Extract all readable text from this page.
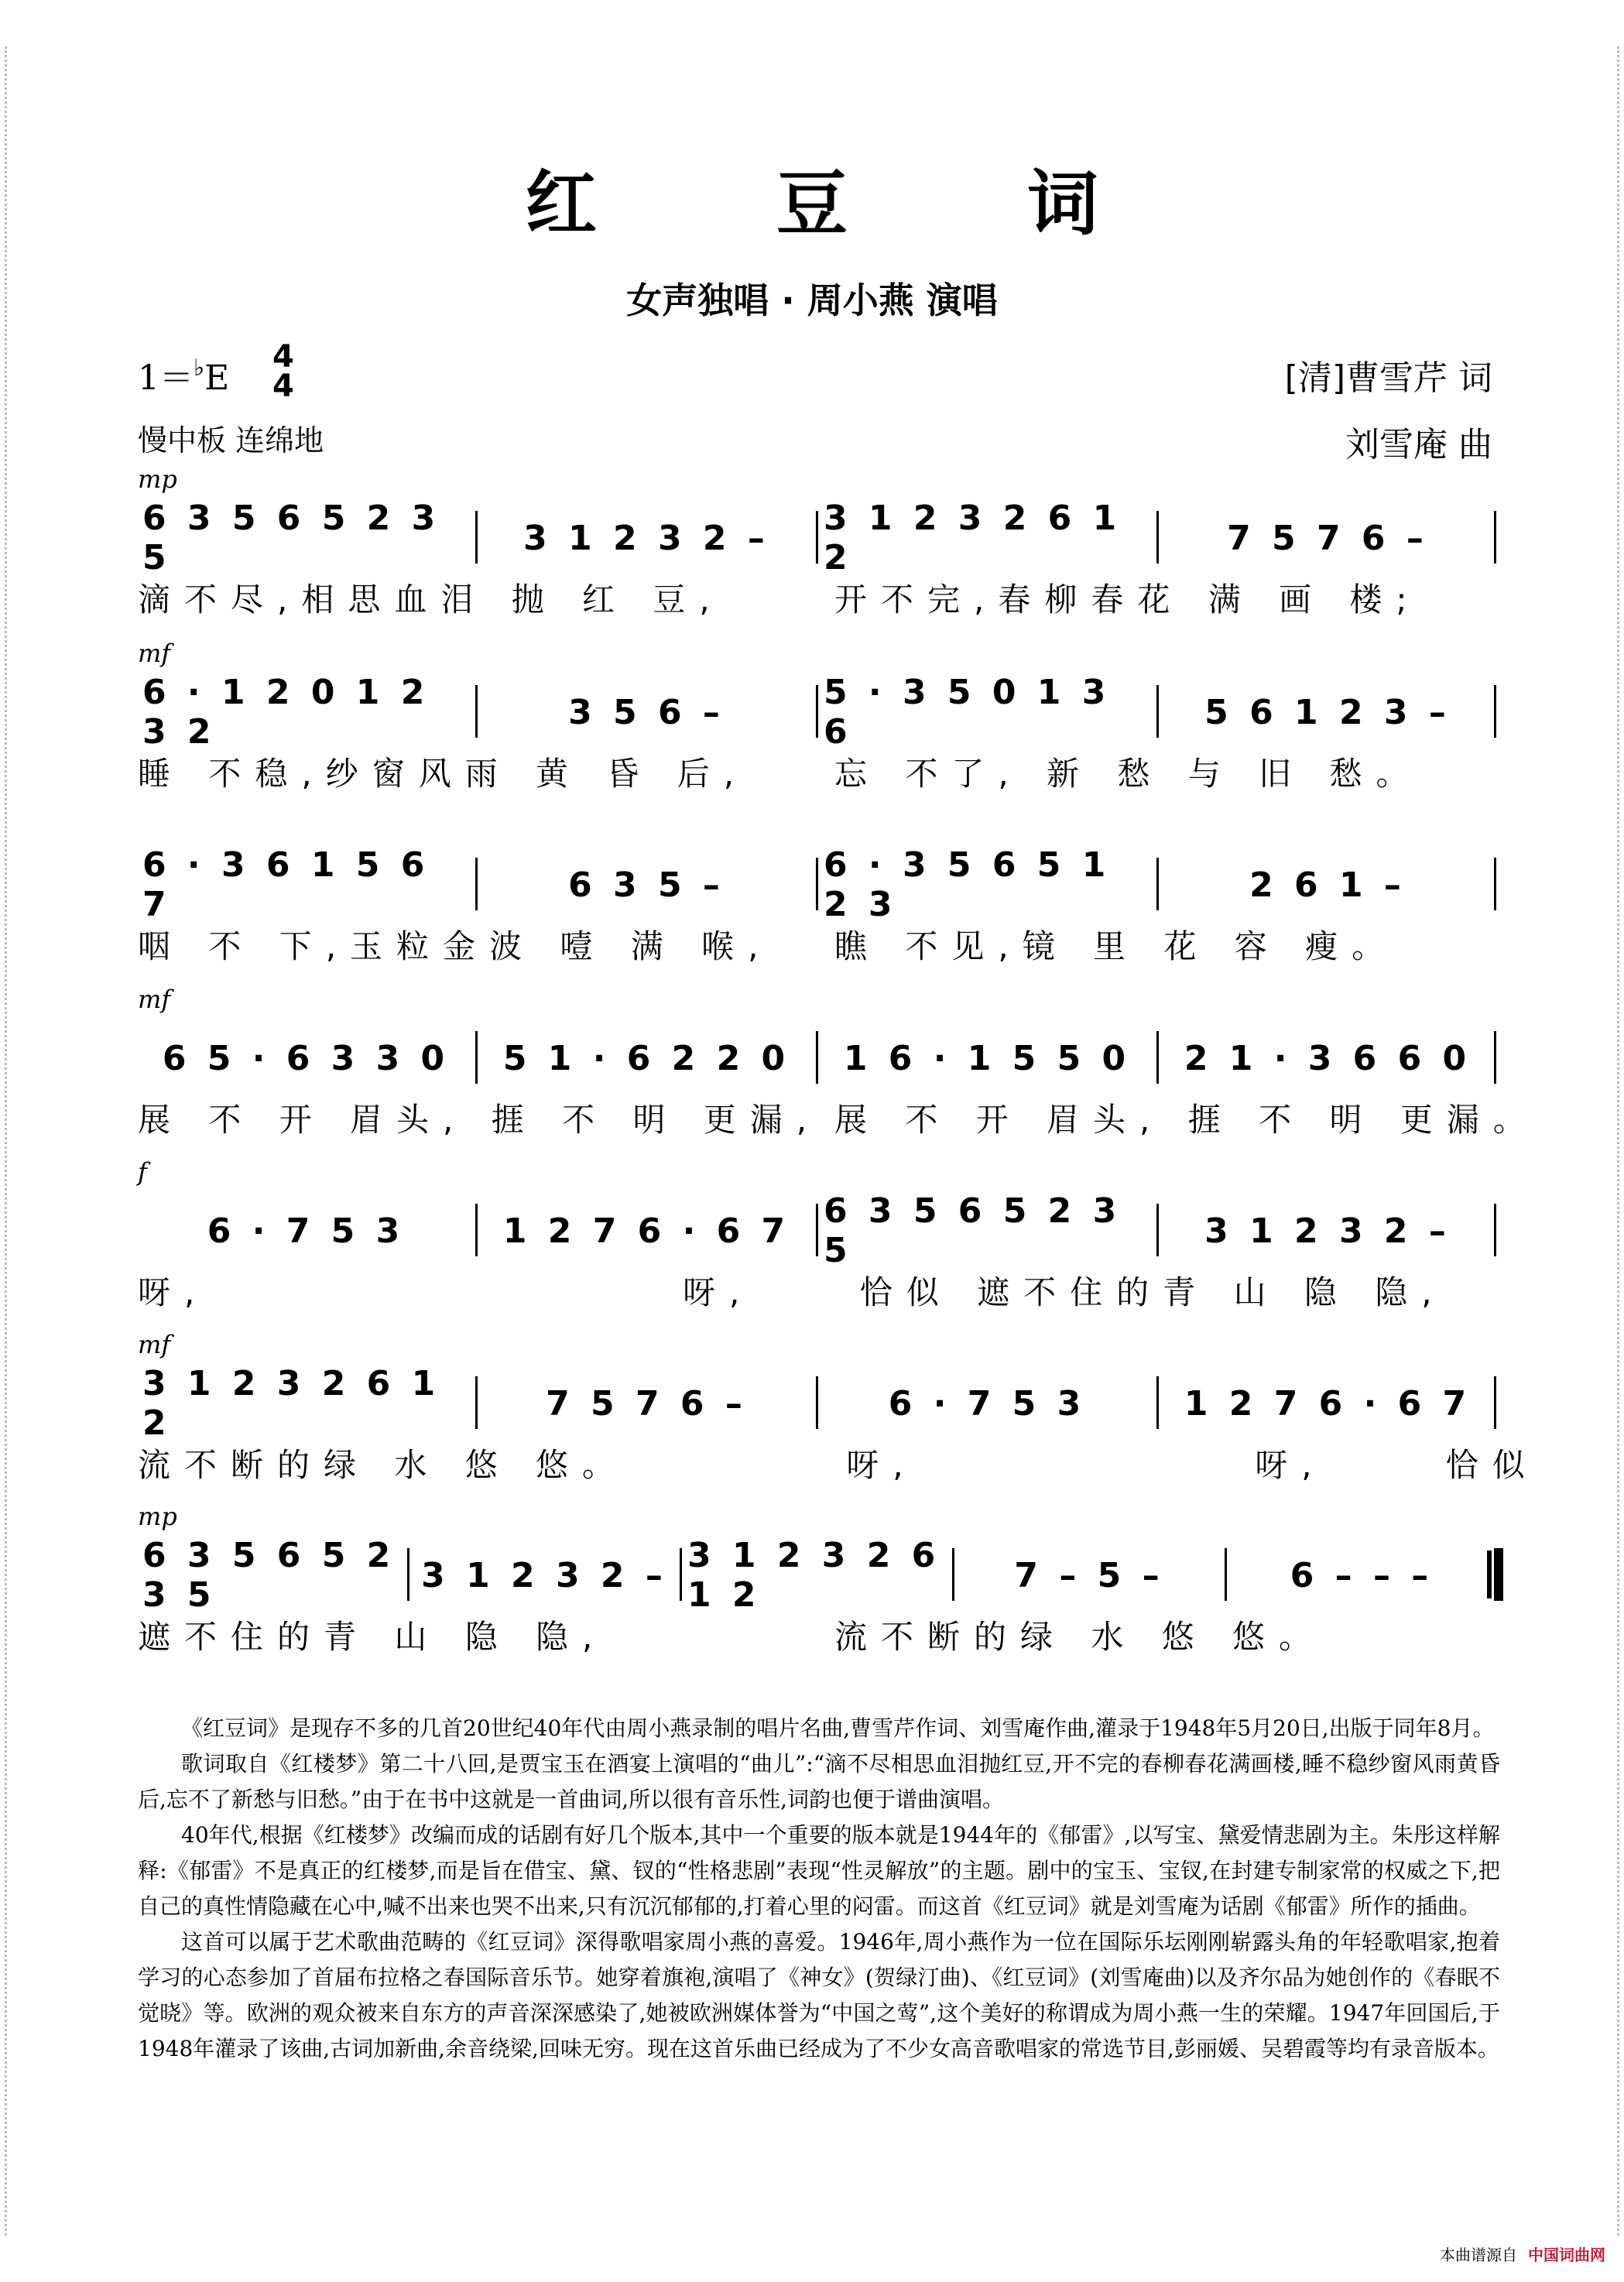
红 豆 词
女声独唱 · 周小燕 演唱
1＝♭E
4
4
慢中板 连绵地
[清]曹雪芹 词
刘雪庵 曲
mp
6 3 5 6 5 2 3 5	3 1 2 3 2 –	3 1 2 3 2 6 1 2	7 5 7 6 –
滴不尽,相思血泪 抛 红 豆,	开不完,春柳春花 满 画 楼;
mf
6 · 1 2 0 1 2 3 2	3 5 6 –	5 · 3 5 0 1 3 6	5 6 1 2 3 –
睡 不稳,纱窗风雨 黄 昏 后,	忘 不了, 新 愁 与 旧 愁。
6 · 3 6 1 5 6 7	6 3 5 –	6 · 3 5 6 5 1 2 3	2 6 1 –
咽 不 下,玉粒金波 噎 满 喉, 瞧 不见,镜 里 花 容 瘦。
mf
6 5 · 6 3 3 0	5 1 · 6 2 2 0	1 6 · 1 5 5 0	2 1 · 3 6 6 0
展 不 开 眉头, 捱 不 明 更漏, 展 不 开 眉头, 捱 不 明 更漏。
f
6 · 7 5 3	1 2 7 6 · 6 7 6 3 5 6 5 2 3 5	3 1 2 3 2 –
呀,	呀,	恰似 遮不住的青 山 隐 隐,
mf
3 1 2 3 2 6 1 2	7 5 7 6 –	6 · 7 5 3	1 2 7 6 · 6 7
流不断的绿 水 悠 悠。	呀,	呀,	恰似
mp
6 3 5 6 5 2 3 5	3 1 2 3 2 – 3 1 2 3 2 6 1 2	7 – 5 –	6 – – –
遮不住的青 山 隐 隐,	流不断的绿 水 悠 悠。

《红豆词》是现存不多的几首20世纪40年代由周小燕录制的唱片名曲,曹雪芹作词、刘雪庵作曲,灌录于1948年5月20日,出版于同年8月。

歌词取自《红楼梦》第二十八回,是贾宝玉在酒宴上演唱的“曲儿”:“滴不尽相思血泪抛红豆,开不完的春柳春花满画楼,睡不稳纱窗风雨黄昏后,忘不了新愁与旧愁。”由于在书中这就是一首曲词,所以很有音乐性,词韵也便于谱曲演唱。

40年代,根据《红楼梦》改编而成的话剧有好几个版本,其中一个重要的版本就是1944年的《郁雷》,以写宝、黛爱情悲剧为主。朱彤这样解释:《郁雷》不是真正的红楼梦,而是旨在借宝、黛、钗的“性格悲剧”表现“性灵解放”的主题。剧中的宝玉、宝钗,在封建专制家常的权威之下,把自己的真性情隐藏在心中,喊不出来也哭不出来,只有沉沉郁郁的,打着心里的闷雷。而这首《红豆词》就是刘雪庵为话剧《郁雷》所作的插曲。

这首可以属于艺术歌曲范畴的《红豆词》深得歌唱家周小燕的喜爱。1946年,周小燕作为一位在国际乐坛刚刚崭露头角的年轻歌唱家,抱着学习的心态参加了首届布拉格之春国际音乐节。她穿着旗袍,演唱了《神女》(贺绿汀曲)、《红豆词》(刘雪庵曲)以及齐尔品为她创作的《春眠不觉晓》等。欧洲的观众被来自东方的声音深深感染了,她被欧洲媒体誉为“中国之莺”,这个美好的称谓成为周小燕一生的荣耀。1947年回国后,于1948年灌录了该曲,古词加新曲,余音绕梁,回味无穷。现在这首乐曲已经成为了不少女高音歌唱家的常选节目,彭丽媛、吴碧霞等均有录音版本。

本曲谱源自 中国词曲网
